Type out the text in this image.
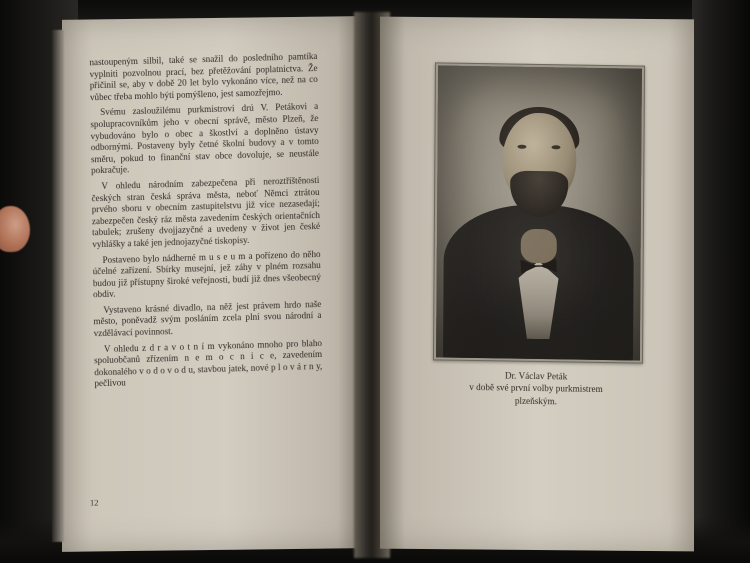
nastoupeným silbil, také se snažil do posledního pamtíka vyplniti pozvolnou prací, bez přetěžování poplatnictva. Že přičinil se, aby v době 20 let bylo vykonáno více, než na co vůbec třeba mohlo býti pomýšleno, jest samozřejmo.

Svému zasloužilému purkmistrovi drú V. Petákovi a spolupracovníkům jeho v obecní správě, město Plzeň, že vybudováno bylo o obec a škostlví a doplněno ústavy odbornými. Postaveny byly četné školní budovy a v tomto směru, pokud to finanční stav obce dovoluje, se neustále pokračuje.

V ohledu národním zabezpečena při neroztříštěnosti českých stran česká správa města, neboť Němci ztrátou prvého sboru v obecním zastupitelstvu již více nezasedají; zabezpečen český ráz města zavedením českých orientačních tabulek; zrušeny dvojjazyčné a uvedeny v život jen české vyhlášky a také jen jednojazyčné tiskopisy.

Postaveno bylo nádherné m u s e u m a pořízeno do něho účelné zařízení. Sbírky musejní, jež záhy v plném rozsahu budou již přístupny široké veřejnosti, budí již dnes všeobecný obdiv.

Vystaveno krásné divadlo, na něž jest právem hrdo naše město, poněvadž svým posláním zcela plní svou národní a vzdělávací povinnost.

V ohledu z d r a v o t n í m vykonáno mnoho pro blaho spoluobčanů zřízením n e m o c n i c e, zavedením dokonalého v o d o v o d u, stavbou jatek, nové p l o v á r n y, pečlivou

12
Dr. Václav Peták
v době své první volby purkmistrem
plzeňským.
